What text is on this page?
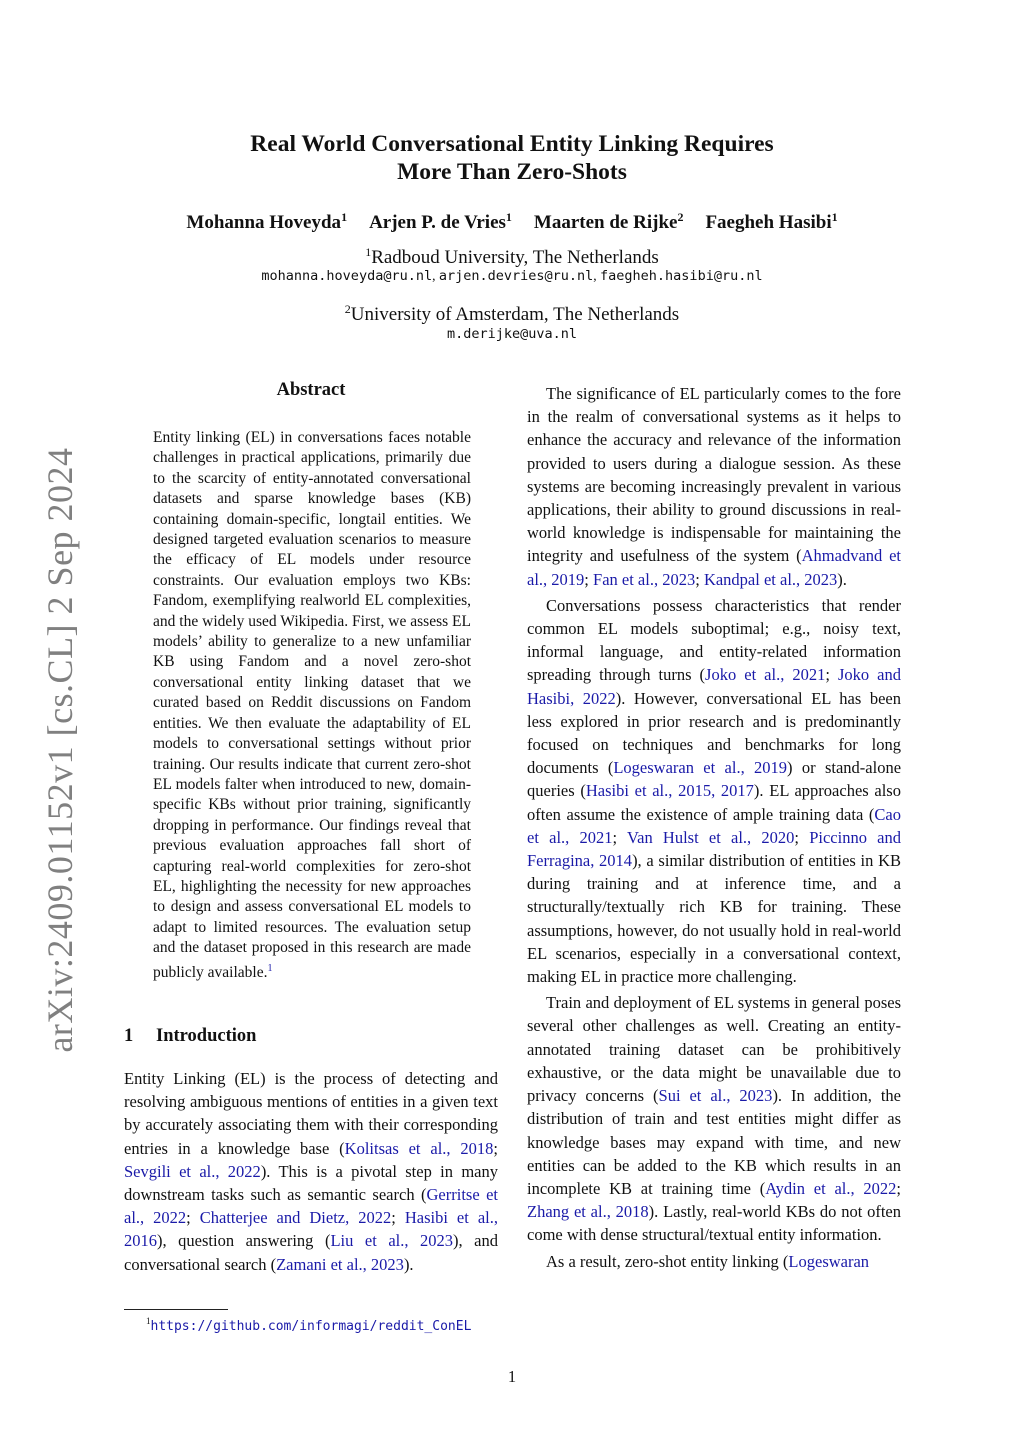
arXiv:2409.01152v1 [cs.CL] 2 Sep 2024
Real World Conversational Entity Linking Requires
More Than Zero-Shots
Mohanna Hoveyda$^1$ Arjen P. de Vries$^1$ Maarten de Rijke$^2$ Faegheh Hasibi$^1$
$^1$Radboud University, The Netherlands
mohanna.hoveyda@ru.nl, arjen.devries@ru.nl, faegheh.hasibi@ru.nl
$^2$University of Amsterdam, The Netherlands
m.derijke@uva.nl
Abstract
Entity linking (EL) in conversations faces notable challenges in practical applications, primarily due to the scarcity of entity-annotated conversational datasets and sparse knowledge bases (KB) containing domain-specific, longtail entities. We designed targeted evaluation scenarios to measure the efficacy of EL models under resource constraints. Our evaluation employs two KBs: Fandom, exemplifying realworld EL complexities, and the widely used Wikipedia. First, we assess EL models’ ability to generalize to a new unfamiliar KB using Fandom and a novel zero-shot conversational entity linking dataset that we curated based on Reddit discussions on Fandom entities. We then evaluate the adaptability of EL models to conversational settings without prior training. Our results indicate that current zero-shot EL models falter when introduced to new, domainspecific KBs without prior training, significantly dropping in performance. Our findings reveal that previous evaluation approaches fall short of capturing real-world complexities for zero-shot EL, highlighting the necessity for new approaches to design and assess conversational EL models to adapt to limited resources. The evaluation setup and the dataset proposed in this research are made publicly available.$^1$
1 Introduction

Entity Linking (EL) is the process of detecting and resolving ambiguous mentions of entities in a given text by accurately associating them with their corresponding entries in a knowledge base (Kolitsas et al., 2018; Sevgili et al., 2022). This is a pivotal step in many downstream tasks such as semantic search (Gerritse et al., 2022; Chatterjee and Dietz, 2022; Hasibi et al., 2016), question answering (Liu et al., 2023), and conversational search (Zamani et al., 2023).

$^1$https://github.com/informagi/reddit_ConEL

The significance of EL particularly comes to the fore in the realm of conversational systems as it helps to enhance the accuracy and relevance of the information provided to users during a dialogue session. As these systems are becoming increasingly prevalent in various applications, their ability to ground discussions in real-world knowledge is indispensable for maintaining the integrity and usefulness of the system (Ahmadvand et al., 2019; Fan et al., 2023; Kandpal et al., 2023).

Conversations possess characteristics that render common EL models suboptimal; e.g., noisy text, informal language, and entity-related information spreading through turns (Joko et al., 2021; Joko and Hasibi, 2022). However, conversational EL has been less explored in prior research and is predominantly focused on techniques and benchmarks for long documents (Logeswaran et al., 2019) or stand-alone queries (Hasibi et al., 2015, 2017). EL approaches also often assume the existence of ample training data (Cao et al., 2021; Van Hulst et al., 2020; Piccinno and Ferragina, 2014), a similar distribution of entities in KB during training and at inference time, and a structurally/textually rich KB for training. These assumptions, however, do not usually hold in real-world EL scenarios, especially in a conversational context, making EL in practice more challenging.

Train and deployment of EL systems in general poses several other challenges as well. Creating an entity-annotated training dataset can be prohibitively exhaustive, or the data might be unavailable due to privacy concerns (Sui et al., 2023). In addition, the distribution of train and test entities might differ as knowledge bases may expand with time, and new entities can be added to the KB which results in an incomplete KB at training time (Aydin et al., 2022; Zhang et al., 2018). Lastly, real-world KBs do not often come with dense structural/textual entity information.

As a result, zero-shot entity linking (Logeswaran

1
